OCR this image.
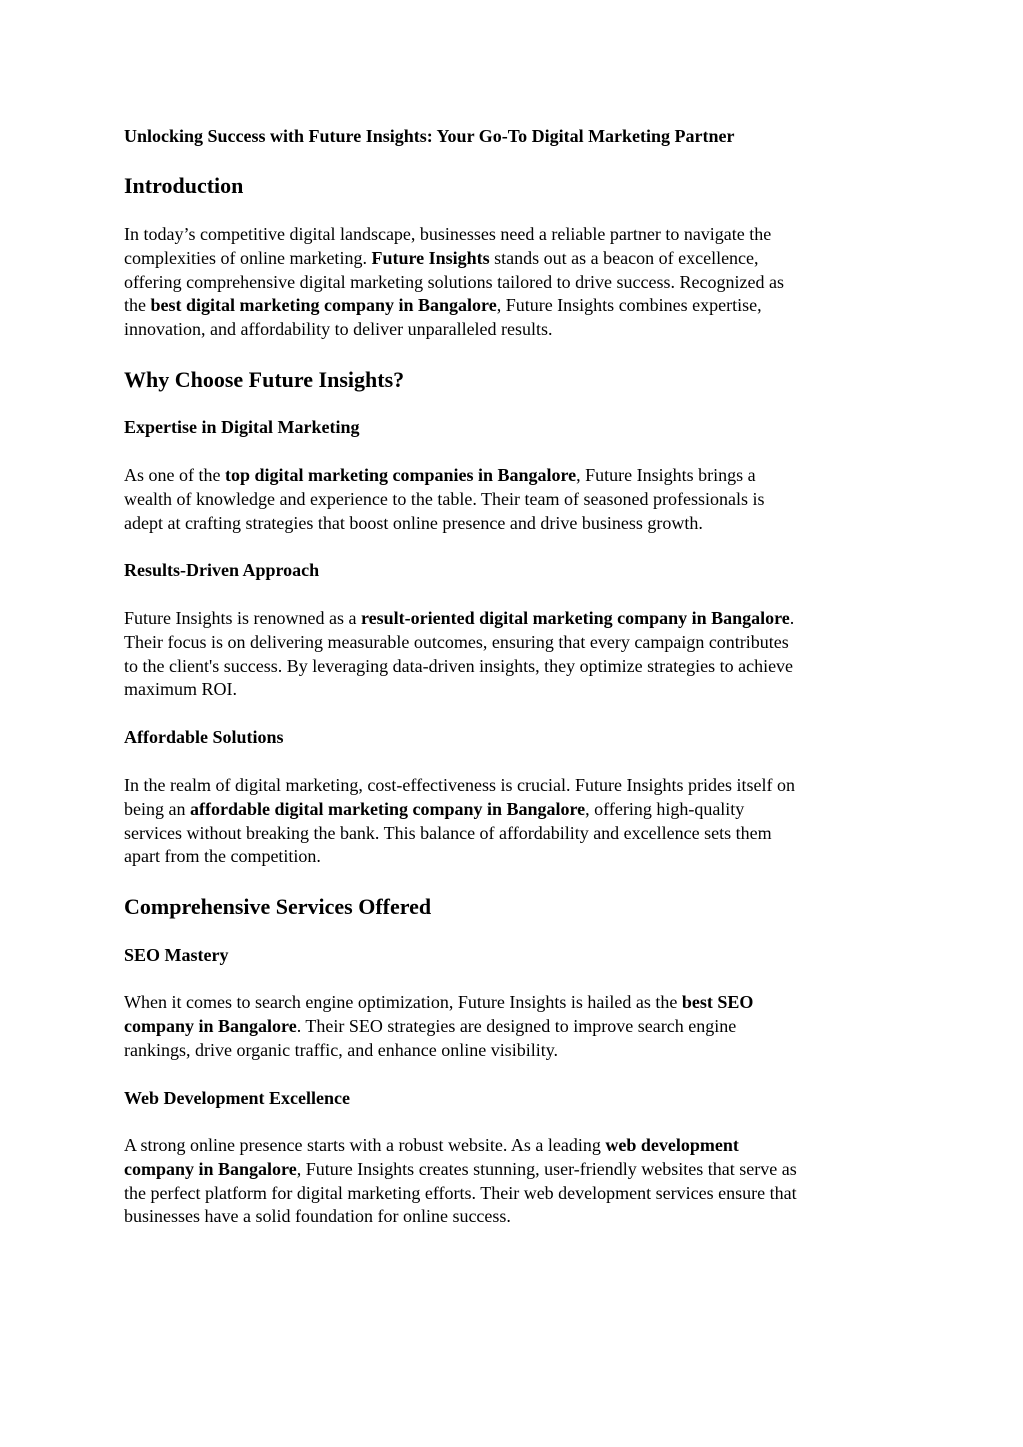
Unlocking Success with Future Insights: Your Go-To Digital Marketing Partner
Introduction

In today’s competitive digital landscape, businesses need a reliable partner to navigate the
complexities of online marketing. Future Insights stands out as a beacon of excellence,
offering comprehensive digital marketing solutions tailored to drive success. Recognized as
the best digital marketing company in Bangalore, Future Insights combines expertise,
innovation, and affordability to deliver unparalleled results.

Why Choose Future Insights?
Expertise in Digital Marketing

As one of the top digital marketing companies in Bangalore, Future Insights brings a
wealth of knowledge and experience to the table. Their team of seasoned professionals is
adept at crafting strategies that boost online presence and drive business growth.

Results-Driven Approach

Future Insights is renowned as a result-oriented digital marketing company in Bangalore.
Their focus is on delivering measurable outcomes, ensuring that every campaign contributes
to the client's success. By leveraging data-driven insights, they optimize strategies to achieve
maximum ROI.

Affordable Solutions

In the realm of digital marketing, cost-effectiveness is crucial. Future Insights prides itself on
being an affordable digital marketing company in Bangalore, offering high-quality
services without breaking the bank. This balance of affordability and excellence sets them
apart from the competition.

Comprehensive Services Offered
SEO Mastery

When it comes to search engine optimization, Future Insights is hailed as the best SEO
company in Bangalore. Their SEO strategies are designed to improve search engine
rankings, drive organic traffic, and enhance online visibility.

Web Development Excellence

A strong online presence starts with a robust website. As a leading web development
company in Bangalore, Future Insights creates stunning, user-friendly websites that serve as
the perfect platform for digital marketing efforts. Their web development services ensure that
businesses have a solid foundation for online success.
